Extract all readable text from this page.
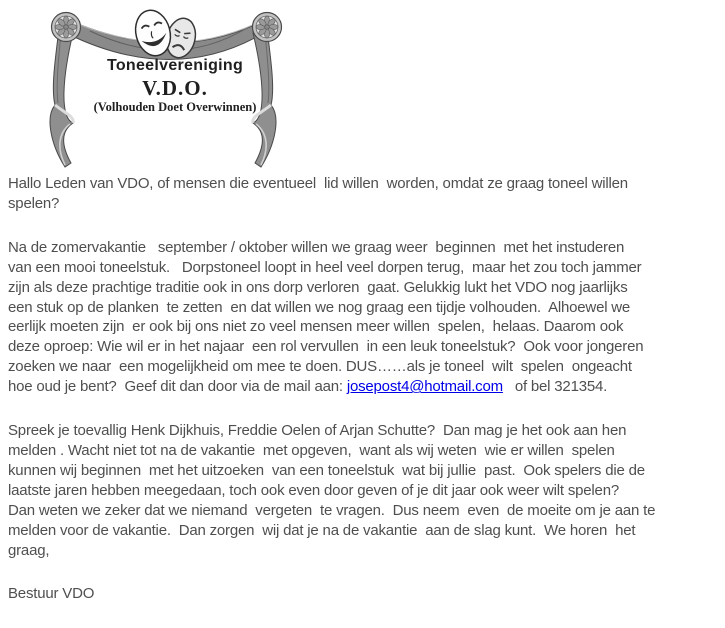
Toneelvereniging
V.D.O.
(Volhouden Doet Overwinnen)
Hallo Leden van VDO, of mensen die eventueel  lid willen  worden, omdat ze graag toneel willen
spelen?
Na de zomervakantie   september / oktober willen we graag weer  beginnen  met het instuderen
van een mooi toneelstuk.   Dorpstoneel loopt in heel veel dorpen terug,  maar het zou toch jammer
zijn als deze prachtige traditie ook in ons dorp verloren  gaat. Gelukkig lukt het VDO nog jaarlijks
een stuk op de planken  te zetten  en dat willen we nog graag een tijdje volhouden.  Alhoewel we
eerlijk moeten zijn  er ook bij ons niet zo veel mensen meer willen  spelen,  helaas. Daarom ook
deze oproep: Wie wil er in het najaar  een rol vervullen  in een leuk toneelstuk?  Ook voor jongeren
zoeken we naar  een mogelijkheid om mee te doen. DUS……als je toneel  wilt  spelen  ongeacht
hoe oud je bent?  Geef dit dan door via de mail aan: josepost4@hotmail.com   of bel 321354.
Spreek je toevallig Henk Dijkhuis, Freddie Oelen of Arjan Schutte?  Dan mag je het ook aan hen
melden . Wacht niet tot na de vakantie  met opgeven,  want als wij weten  wie er willen  spelen
kunnen wij beginnen  met het uitzoeken  van een toneelstuk  wat bij jullie  past.  Ook spelers die de
laatste jaren hebben meegedaan, toch ook even door geven of je dit jaar ook weer wilt spelen?
Dan weten we zeker dat we niemand  vergeten  te vragen.  Dus neem  even  de moeite om je aan te
melden voor de vakantie.  Dan zorgen  wij dat je na de vakantie  aan de slag kunt.  We horen  het
graag,
Bestuur VDO
